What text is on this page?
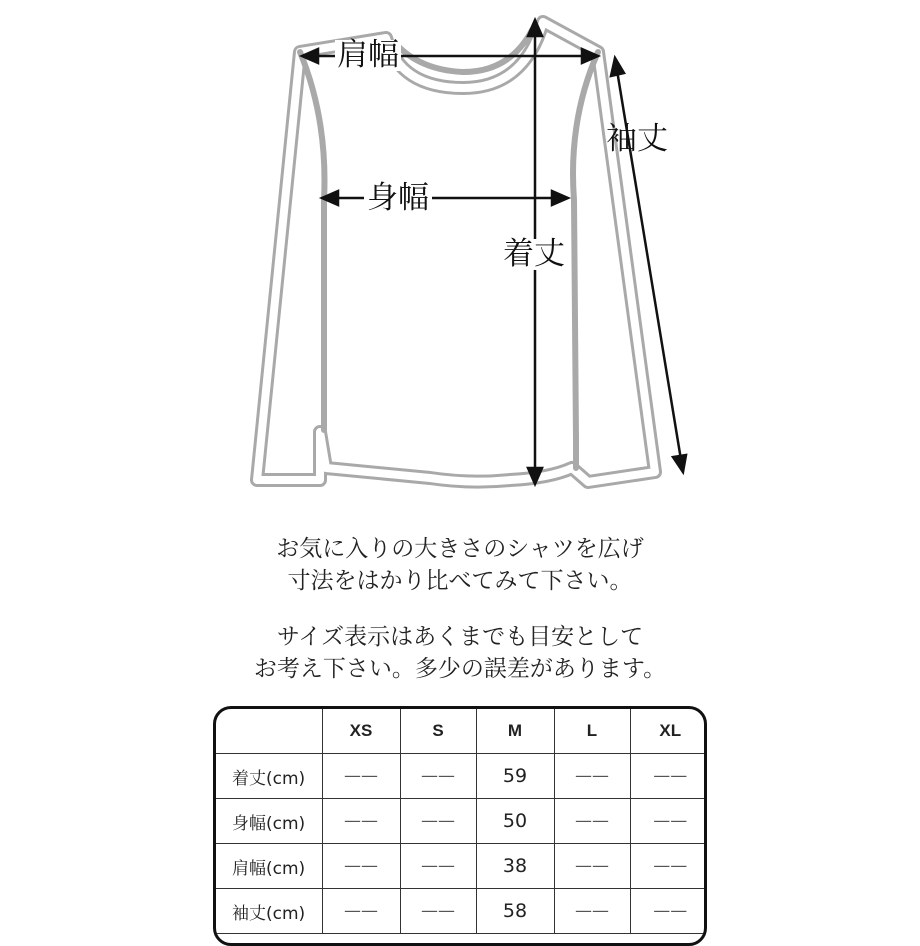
肩幅
袖丈
身幅
着丈

お気に入りの大きさのシャツを広げ

寸法をはかり比べてみて下さい。

サイズ表示はあくまでも目安として

お考え下さい。多少の誤差があります。

	XS	S	M	L	XL
着丈(cm)	——	——	59	——	——
身幅(cm)	——	——	50	——	——
肩幅(cm)	——	——	38	——	——
袖丈(cm)	——	——	58	——	——
